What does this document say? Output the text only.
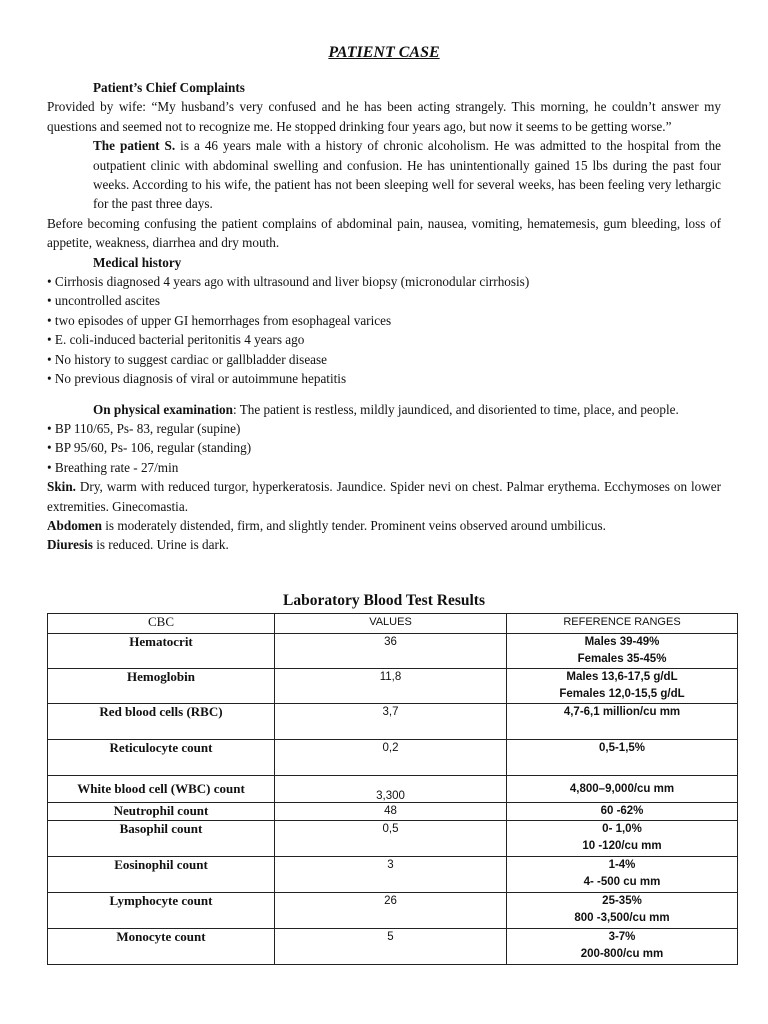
PATIENT CASE

Patient’s Chief Complaints

Provided by wife: “My husband’s very confused and he has been acting strangely. This morning, he couldn’t answer my questions and seemed not to recognize me. He stopped drinking four years ago, but now it seems to be getting worse.”

The patient S. is a 46 years male with a history of chronic alcoholism. He was admitted to the hospital from the outpatient clinic with abdominal swelling and confusion. He has unintentionally gained 15 lbs during the past four weeks. According to his wife, the patient has not been sleeping well for several weeks, has been feeling very lethargic for the past three days.

Before becoming confusing the patient complains of abdominal pain, nausea, vomiting, hematemesis, gum bleeding, loss of appetite, weakness, diarrhea and dry mouth.

Medical history

• Cirrhosis diagnosed 4 years ago with ultrasound and liver biopsy (micronodular cirrhosis)

• uncontrolled ascites

• two episodes of upper GI hemorrhages from esophageal varices

• E. coli-induced bacterial peritonitis 4 years ago

• No history to suggest cardiac or gallbladder disease

• No previous diagnosis of viral or autoimmune hepatitis

On physical examination: The patient is restless, mildly jaundiced, and disoriented to time, place, and people.

• BP 110/65, Ps- 83, regular (supine)

• BP 95/60, Ps- 106, regular (standing)

• Breathing rate - 27/min

Skin. Dry, warm with reduced turgor, hyperkeratosis. Jaundice. Spider nevi on chest. Palmar erythema. Ecchymoses on lower extremities. Ginecomastia.

Abdomen is moderately distended, firm, and slightly tender. Prominent veins observed around umbilicus.

Diuresis is reduced. Urine is dark.

Laboratory Blood Test Results
CBC	VALUES	REFERENCE RANGES
Hematocrit	36	Males 39-49%
Females 35-45%

Hemoglobin	11,8	Males 13,6-17,5 g/dL
Females 12,0-15,5 g/dL

Red blood cells (RBC)	3,7	4,7-6,1 million/cu mm
Reticulocyte count	0,2	0,5-1,5%
White blood cell (WBC) count	3,300	4,800–9,000/cu mm
Neutrophil count	48	60 -62%
Basophil count	0,5	0- 1,0%
10 -120/cu mm

Eosinophil count	3	1-4%
4- -500 cu mm

Lymphocyte count	26	25-35%
800 -3,500/cu mm

Monocyte count	5	3-7%
200-800/cu mm
